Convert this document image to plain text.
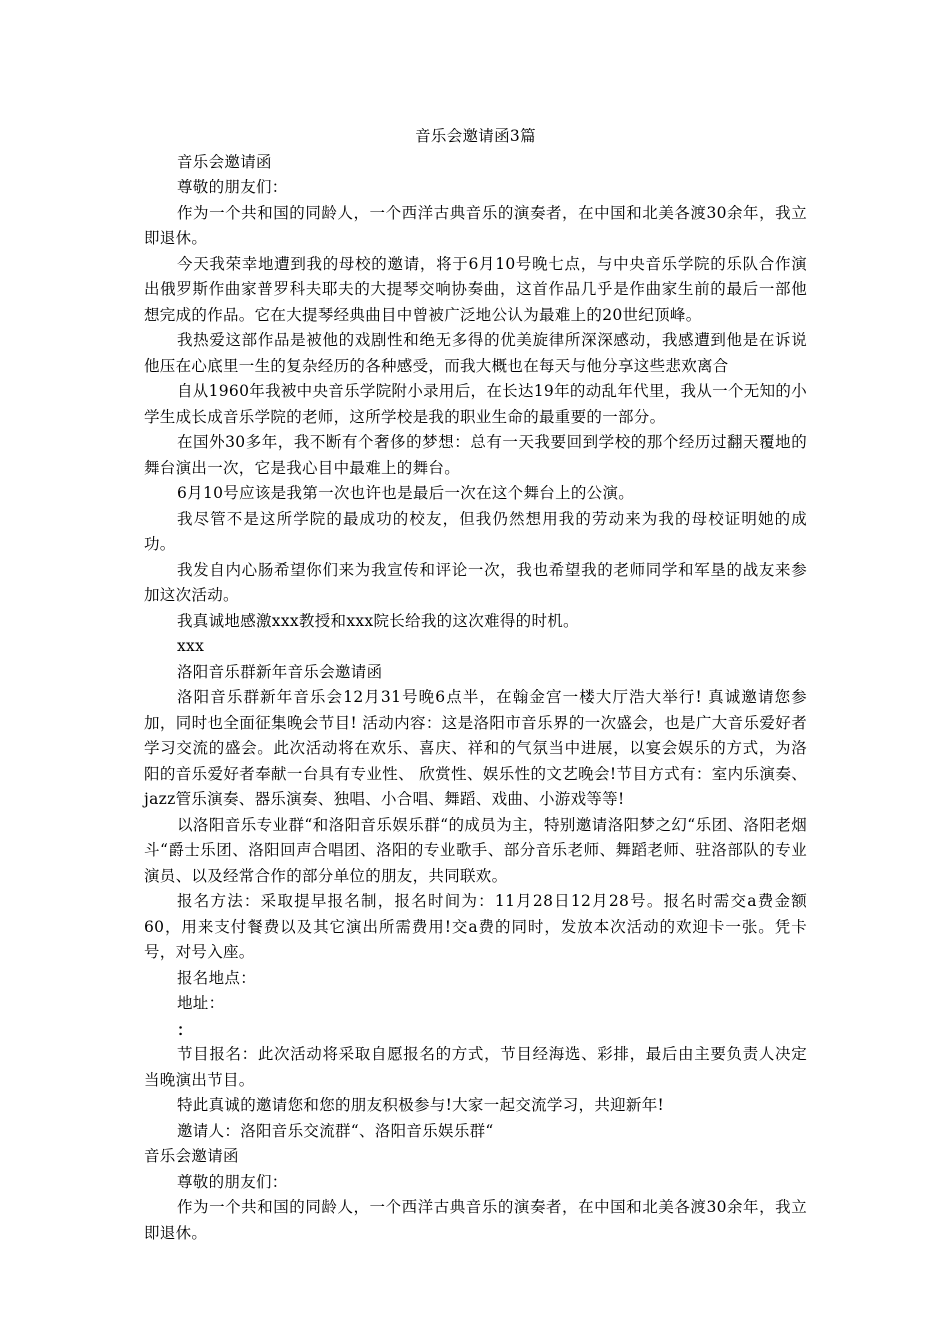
音乐会邀请函3篇
音乐会邀请函
尊敬的朋友们：
作为一个共和国的同龄人，一个西洋古典音乐的演奏者，在中国和北美各渡30余年，我立即退休。
今天我荣幸地遭到我的母校的邀请，将于6月10号晚七点，与中央音乐学院的乐队合作演出俄罗斯作曲家普罗科夫耶夫的大提琴交响协奏曲，这首作品几乎是作曲家生前的最后一部他想完成的作品。它在大提琴经典曲目中曾被广泛地公认为最难上的20世纪顶峰。
我热爱这部作品是被他的戏剧性和绝无多得的优美旋律所深深感动，我感遭到他是在诉说他压在心底里一生的复杂经历的各种感受，而我大概也在每天与他分享这些悲欢离合
自从1960年我被中央音乐学院附小录用后，在长达19年的动乱年代里，我从一个无知的小学生成长成音乐学院的老师，这所学校是我的职业生命的最重要的一部分。
在国外30多年，我不断有个奢侈的梦想：总有一天我要回到学校的那个经历过翻天覆地的舞台演出一次，它是我心目中最难上的舞台。
6月10号应该是我第一次也许也是最后一次在这个舞台上的公演。
我尽管不是这所学院的最成功的校友，但我仍然想用我的劳动来为我的母校证明她的成功。
我发自内心肠希望你们来为我宣传和评论一次，我也希望我的老师同学和军垦的战友来参加这次活动。
我真诚地感激xxx教授和xxx院长给我的这次难得的时机。
xxx
洛阳音乐群新年音乐会邀请函
洛阳音乐群新年音乐会12月31号晚6点半，在翰金宫一楼大厅浩大举行! 真诚邀请您参加，同时也全面征集晚会节目! 活动内容：这是洛阳市音乐界的一次盛会，也是广大音乐爱好者学习交流的盛会。此次活动将在欢乐、喜庆、祥和的气氛当中进展，以宴会娱乐的方式，为洛阳的音乐爱好者奉献一台具有专业性、 欣赏性、娱乐性的文艺晚会!节目方式有：室内乐演奏、jazz管乐演奏、器乐演奏、独唱、小合唱、舞蹈、戏曲、小游戏等等!
以洛阳音乐专业群“和洛阳音乐娱乐群“的成员为主，特别邀请洛阳梦之幻“乐团、洛阳老烟斗“爵士乐团、洛阳回声合唱团、洛阳的专业歌手、部分音乐老师、舞蹈老师、驻洛部队的专业演员、以及经常合作的部分单位的朋友，共同联欢。
报名方法：采取提早报名制，报名时间为：11月28日12月28号。报名时需交a费金额60，用来支付餐费以及其它演出所需费用!交a费的同时，发放本次活动的欢迎卡一张。凭卡号，对号入座。
报名地点：
地址：
：
节目报名：此次活动将采取自愿报名的方式，节目经海选、彩排，最后由主要负责人决定当晚演出节目。
特此真诚的邀请您和您的朋友积极参与!大家一起交流学习，共迎新年!
邀请人：洛阳音乐交流群“、洛阳音乐娱乐群“
音乐会邀请函
尊敬的朋友们：
作为一个共和国的同龄人，一个西洋古典音乐的演奏者，在中国和北美各渡30余年，我立即退休。
